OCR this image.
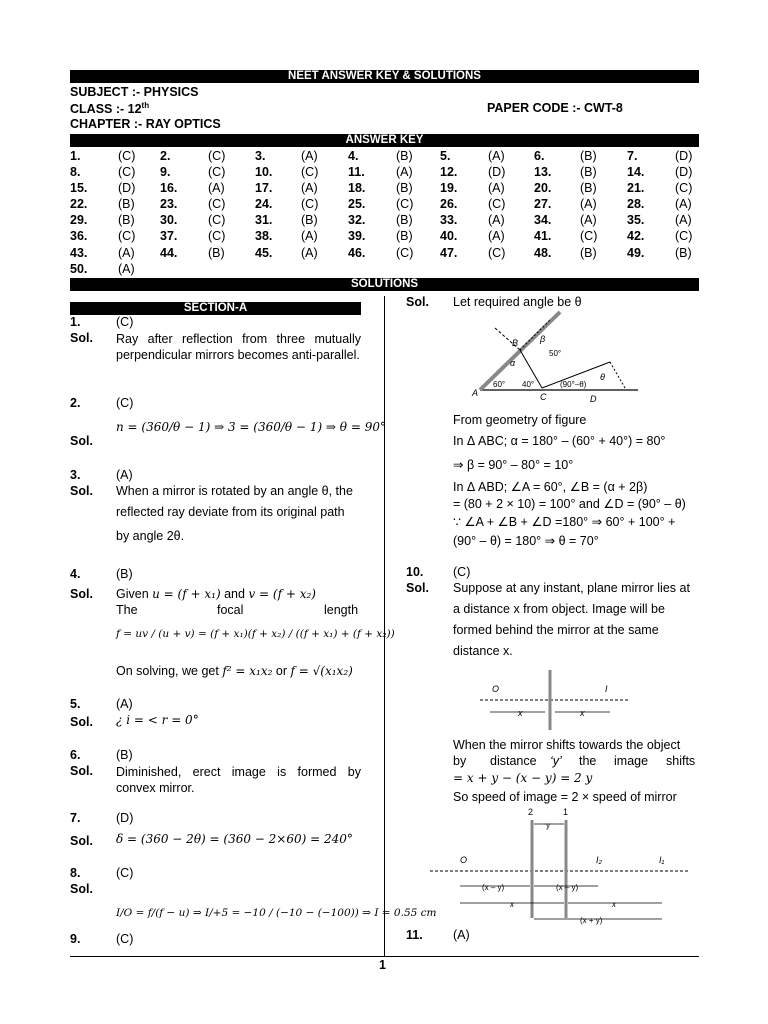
NEET ANSWER KEY & SOLUTIONS
SUBJECT :- PHYSICS
CLASS :- 12th	PAPER CODE :- CWT-8
CHAPTER :- RAY OPTICS
ANSWER KEY
1.	(C) 2.	(C) 3.	(A) 4.	(B) 5.	(A) 6.	(B) 7.	(D)
8.	(C) 9.	(C) 10. (C) 11.	(A) 12. (D) 13. (B) 14. (D)
15. (D) 16. (A) 17. (A) 18. (B) 19. (A) 20. (B) 21. (C)
22. (B) 23. (C) 24. (C) 25. (C) 26. (C) 27. (A) 28. (A)
29. (B) 30. (C) 31. (B) 32. (B) 33. (A) 34. (A) 35. (A)
36. (C) 37. (C) 38. (A) 39. (B) 40. (A) 41. (C) 42. (C)
43. (A) 44. (B) 45. (A) 46. (C) 47. (C) 48. (B) 49. (B)
50. (A)
SOLUTIONS
SECTION-A
1.	(C)
Sol. Ray after reflection from three mutually perpendicular mirrors becomes anti-parallel.
2.	(C)
Sol.
n = (360/θ − 1) ⇒ 3 = (360/θ − 1) ⇒ θ = 90°
3.	(A)
Sol. When a mirror is rotated by an angle θ, the
reflected ray deviate from its original path
by angle 2θ.
4.	(B)
Sol. Given u = (f + x₁) and v = (f + x₂)
The	focal	length
f = uv / (u + v) = (f + x₁)(f + x₂) / ((f + x₁) + (f + x₂))
On solving, we get f² = x₁x₂ or f = √(x₁x₂)
5.	(A)
Sol. ¿ i = < r = 0°
6.	(B)
Sol. Diminished, erect image is formed by convex mirror.
7.	(D)
Sol. δ = (360 − 2θ) = (360 − 2×60) = 240°
8.	(C)
Sol.
I/O = f/(f − u) ⇒ I/+5 = −10 / (−10 − (−100)) ⇒ I = 0.55 cm
9.	(C)
Sol. Let required angle be θ
A
B
C	D
β
α
θ
60° 40°
50°
(90°–θ)
From geometry of figure
In Δ ABC; α = 180° – (60° + 40°) = 80°
⇒ β = 90° – 80° = 10°
In Δ ABD; ∠A = 60°, ∠B = (α + 2β)
= (80 + 2 × 10) = 100° and ∠D = (90° – θ)
∵ ∠A + ∠B + ∠D =180° ⇒ 60° + 100° +
(90° – θ) = 180° ⇒ θ = 70°
10. (C)
Sol. Suppose at any instant, plane mirror lies at
a distance x from object. Image will be
formed behind the mirror at the same
distance x.
O	I
x	x
When the mirror shifts towards the object
by distance ‘y’ the image shifts
= x + y − (x − y) = 2 y
So speed of image = 2 × speed of mirror
2	1
y
O	I₂	I₁
(x – y)	(x – y)
x	x
(x + y)
11. (A)
1
